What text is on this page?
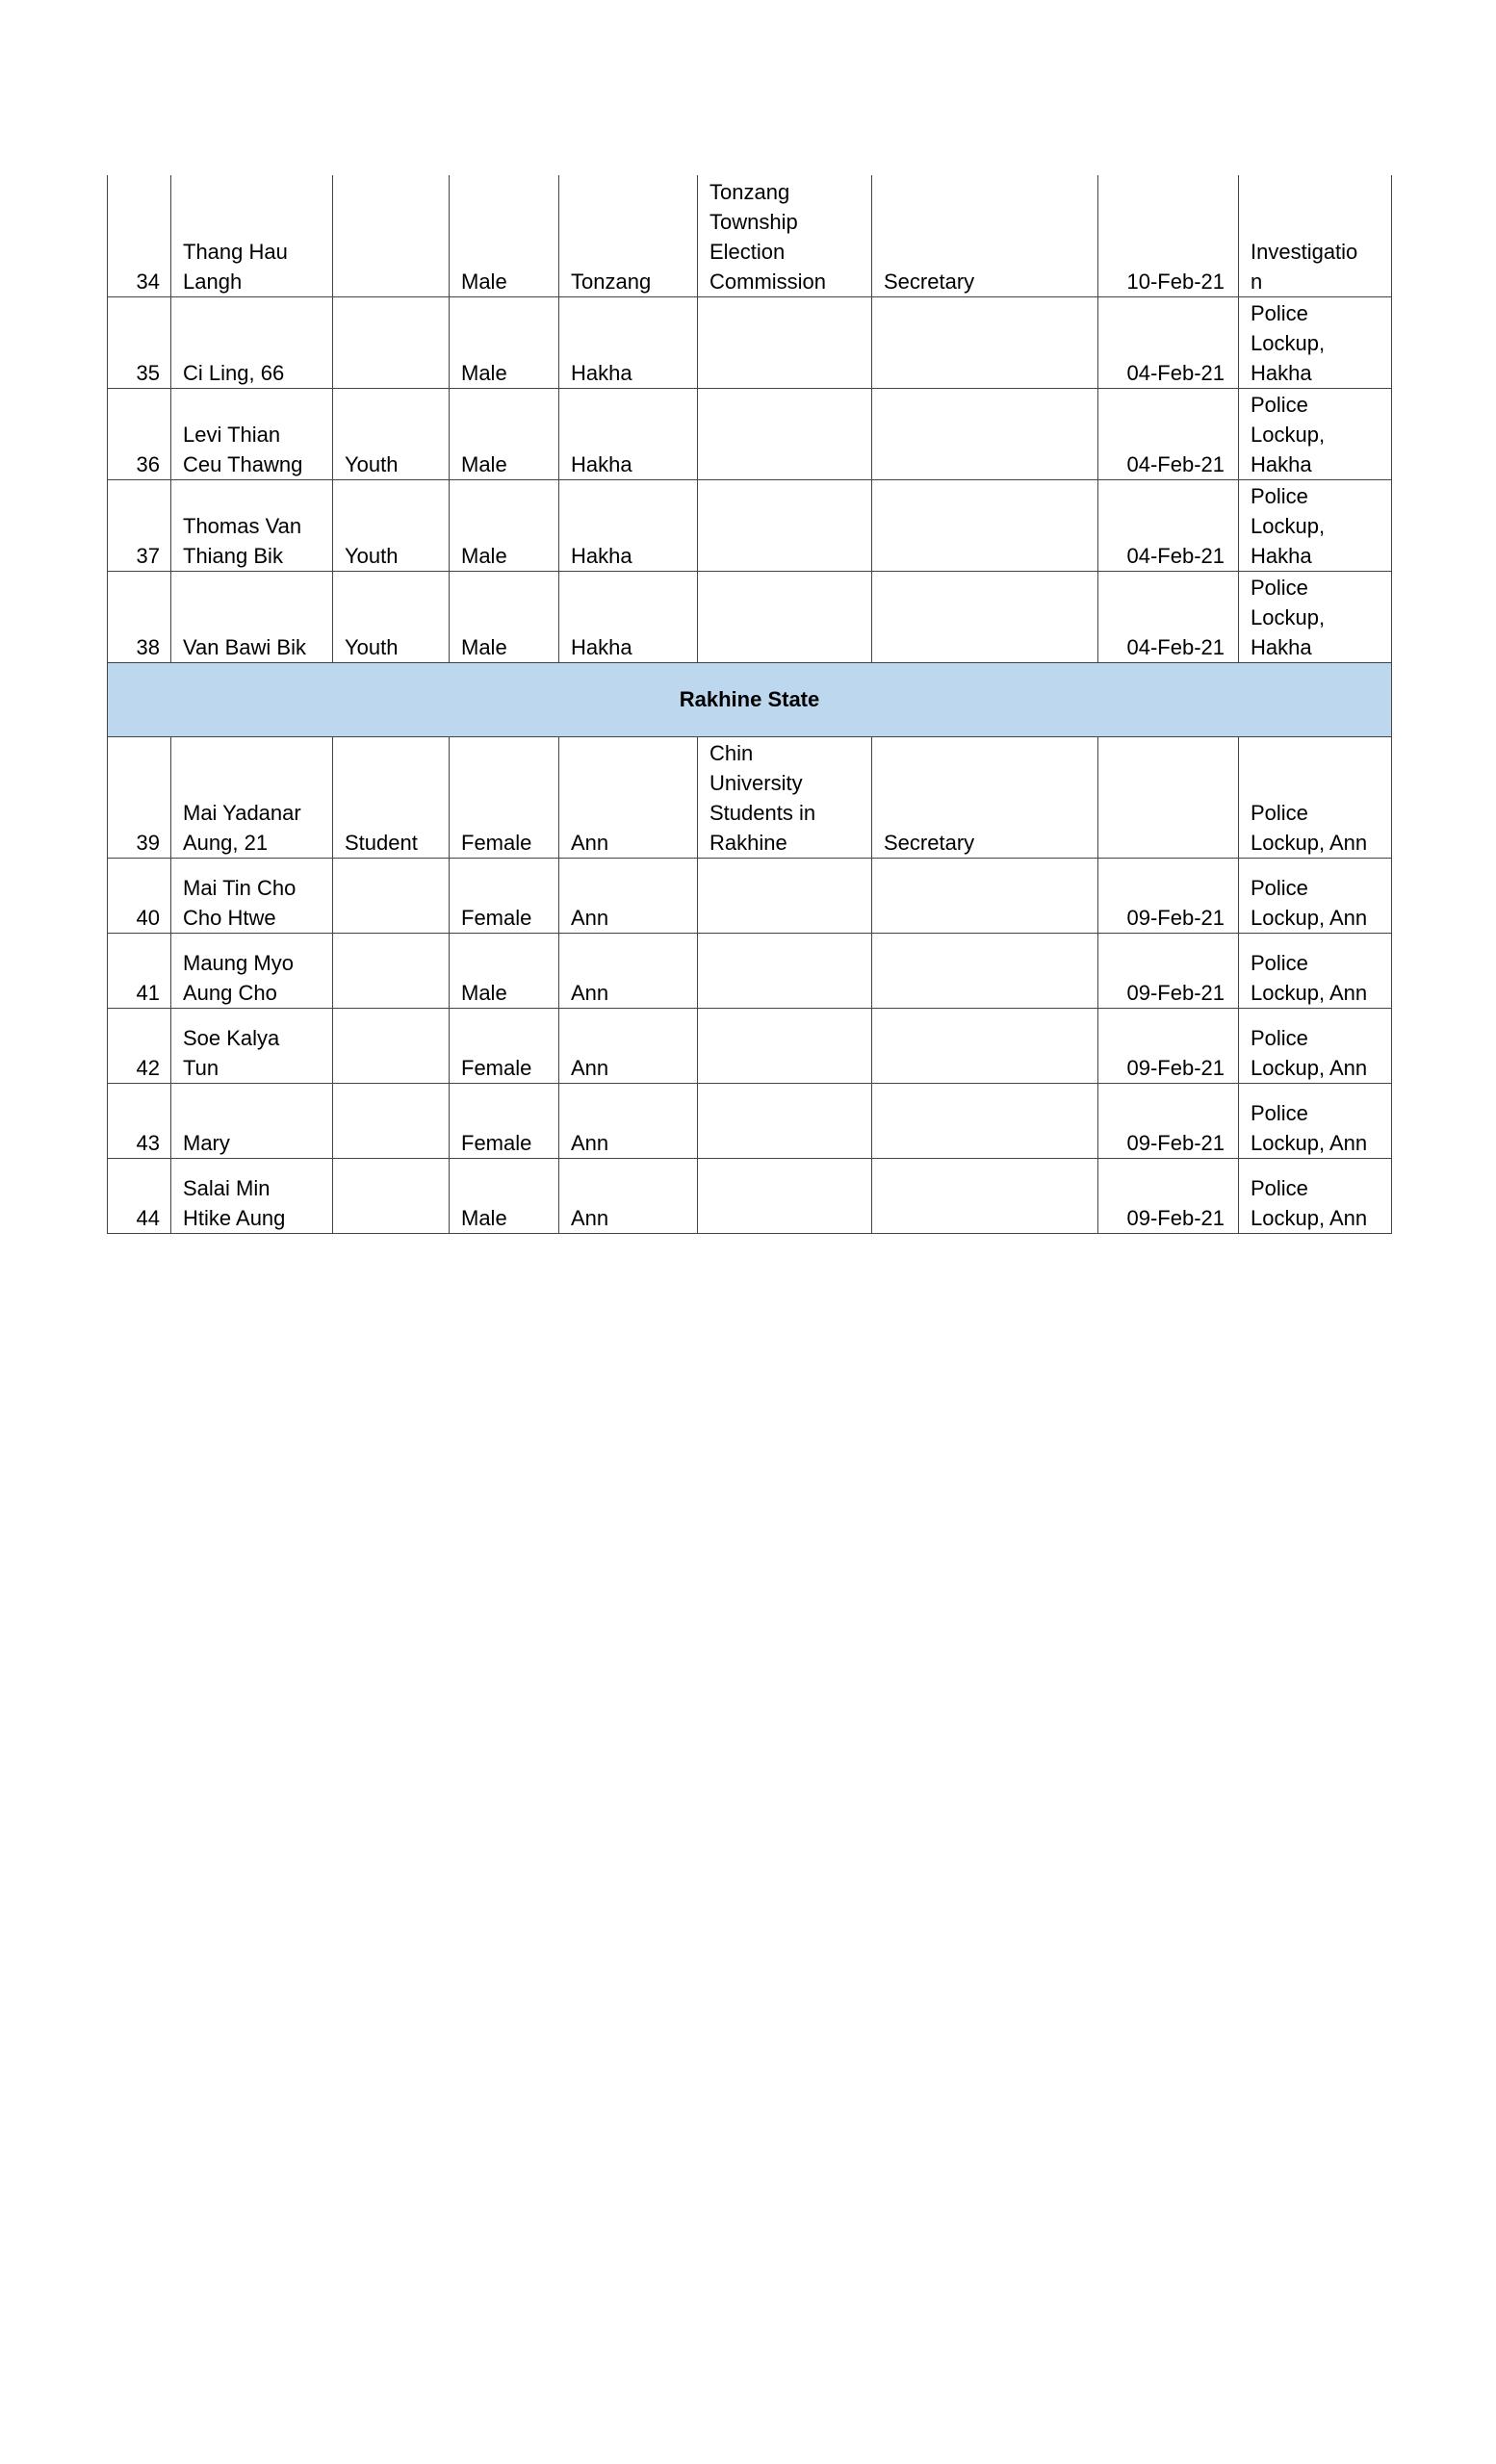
34	Thang Hau
Langh		Male	Tonzang	Tonzang
Township
Election
Commission	Secretary	10-Feb-21	Investigatio
n
35	Ci Ling, 66		Male	Hakha			04-Feb-21	Police
Lockup,
Hakha
36	Levi Thian
Ceu Thawng	Youth	Male	Hakha			04-Feb-21	Police
Lockup,
Hakha
37	Thomas Van
Thiang Bik	Youth	Male	Hakha			04-Feb-21	Police
Lockup,
Hakha
38	Van Bawi Bik	Youth	Male	Hakha			04-Feb-21	Police
Lockup,
Hakha
Rakhine State								
39	Mai Yadanar
Aung, 21	Student	Female	Ann	Chin
University
Students in
Rakhine	Secretary		Police
Lockup, Ann
40	Mai Tin Cho
Cho Htwe		Female	Ann			09-Feb-21	Police
Lockup, Ann
41	Maung Myo
Aung Cho		Male	Ann			09-Feb-21	Police
Lockup, Ann
42	Soe Kalya
Tun		Female	Ann			09-Feb-21	Police
Lockup, Ann
43	Mary		Female	Ann			09-Feb-21	Police
Lockup, Ann
44	Salai Min
Htike Aung		Male	Ann			09-Feb-21	Police
Lockup, Ann
